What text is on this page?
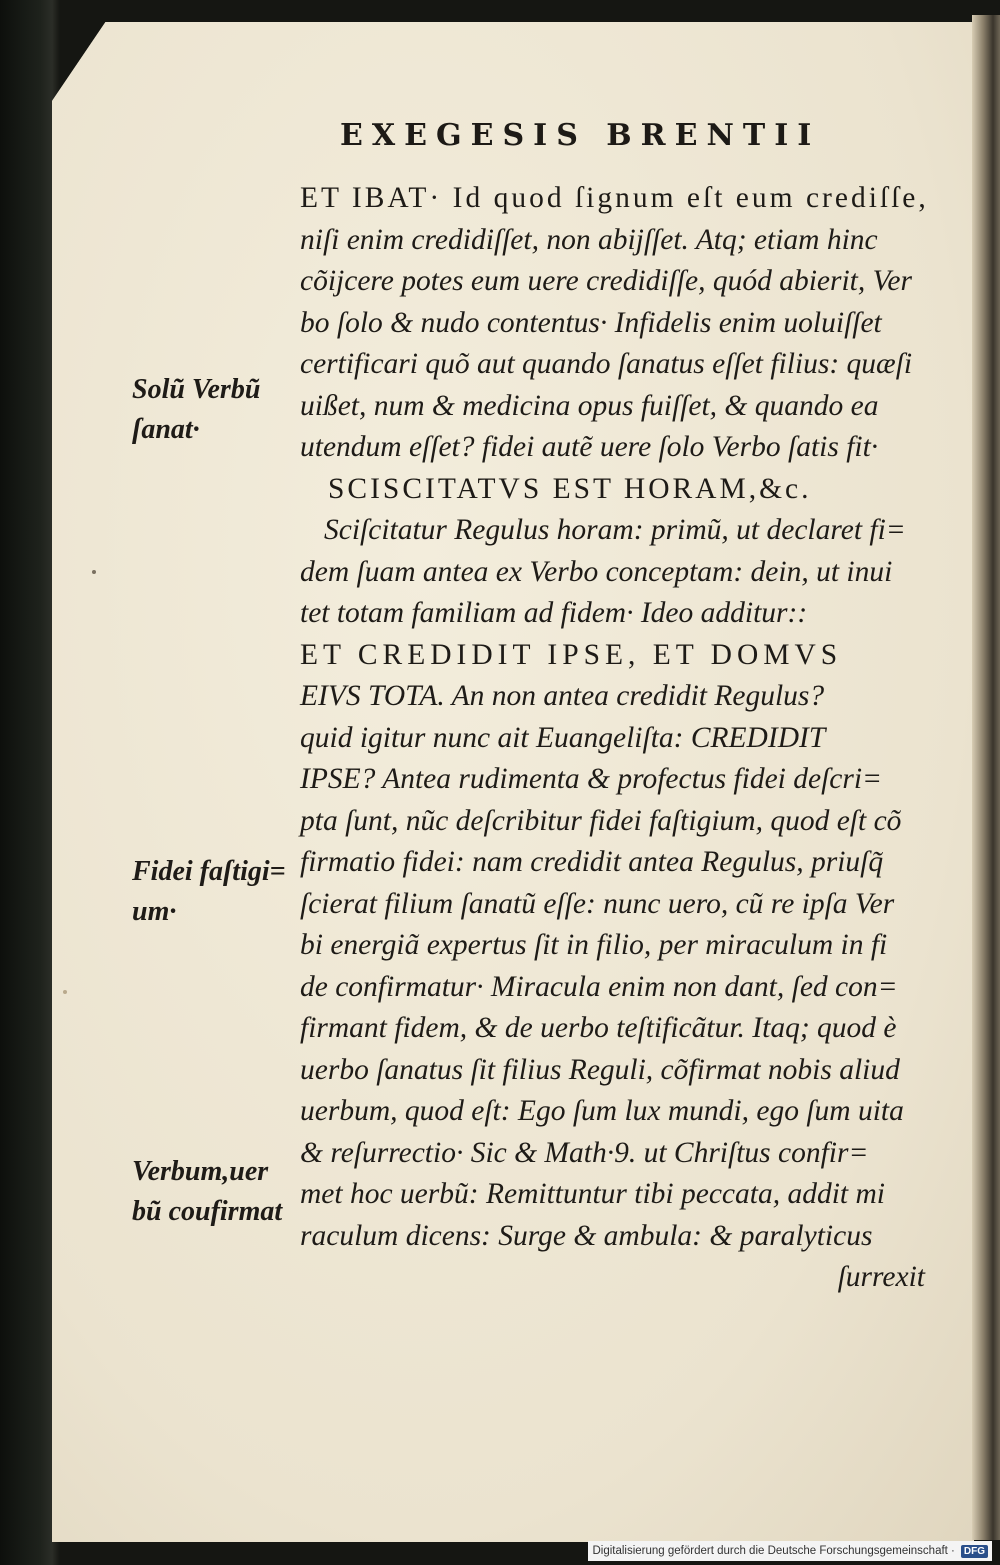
EXEGESIS BRENTII
Solũ Verbũ
ſanat·
Fidei faſtigi=
um·
Verbum,uer
bũ coufirmat
ET IBAT· Id quod ſignum eſt eum crediſſe,
niſi enim credidiſſet, non abijſſet. Atq; etiam hinc
cõijcere potes eum uere credidiſſe, quód abierit, Ver
bo ſolo & nudo contentus· Infidelis enim uoluiſſet
certificari quõ aut quando ſanatus eſſet filius: quæſi
uißet, num & medicina opus fuiſſet, & quando ea
utendum eſſet? fidei autẽ uere ſolo Verbo ſatis fit·
SCISCITATVS EST HORAM,&c.
Sciſcitatur Regulus horam: primũ, ut declaret fi=
dem ſuam antea ex Verbo conceptam: dein, ut inui
tet totam familiam ad fidem· Ideo additur::
ET CREDIDIT IPSE, ET DOMVS
EIVS TOTA. An non antea credidit Regulus?
quid igitur nunc ait Euangeliſta: CREDIDIT
IPSE? Antea rudimenta & profectus fidei deſcri=
pta ſunt, nũc deſcribitur fidei faſtigium, quod eſt cõ
firmatio fidei: nam credidit antea Regulus, priuſq̃
ſcierat filium ſanatũ eſſe: nunc uero, cũ re ipſa Ver
bi energiã expertus ſit in filio, per miraculum in fi
de confirmatur· Miracula enim non dant, ſed con=
firmant fidem, & de uerbo teſtificãtur. Itaq; quod è
uerbo ſanatus ſit filius Reguli, cõfirmat nobis aliud
uerbum, quod eſt: Ego ſum lux mundi, ego ſum uita
& reſurrectio· Sic & Math·9. ut Chriſtus confir=
met hoc uerbũ: Remittuntur tibi peccata, addit mi
raculum dicens: Surge & ambula: & paralyticus
ſurrexit
Digitalisierung gefördert durch die Deutsche Forschungsgemeinschaft · DFG
